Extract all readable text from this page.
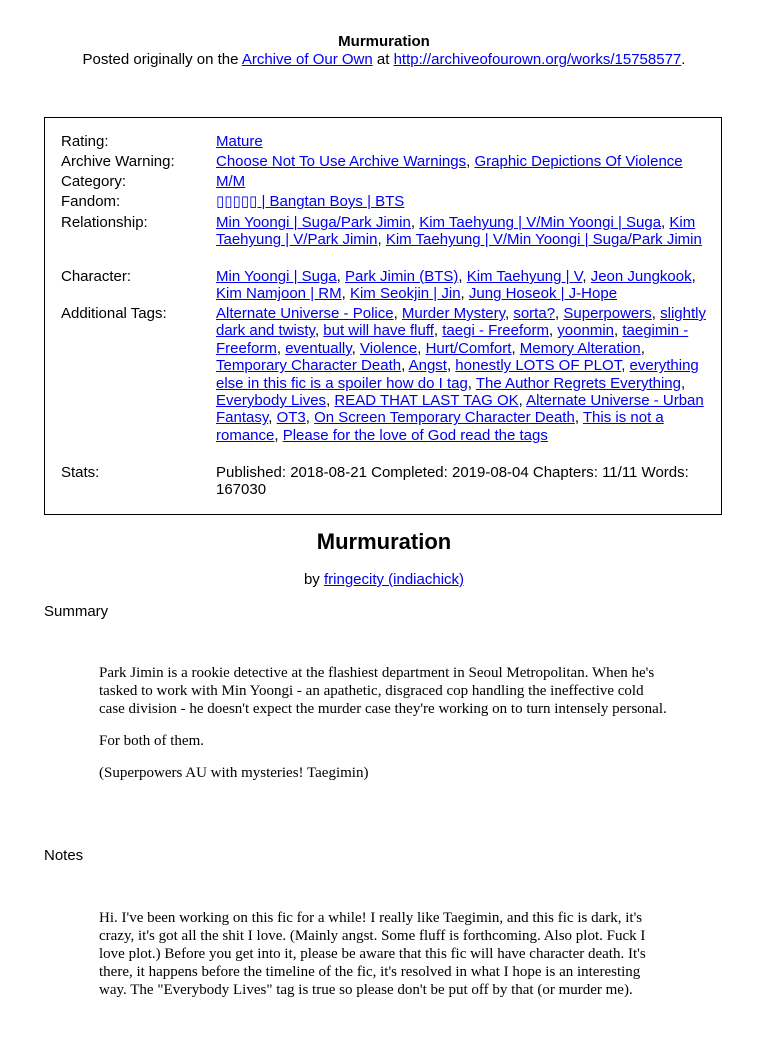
Murmuration
Posted originally on the Archive of Our Own at http://archiveofourown.org/works/15758577.
Rating:	Mature
Archive Warning:	Choose Not To Use Archive Warnings, Graphic Depictions Of Violence
Category:	M/M
Fandom:	▯▯▯▯▯ | Bangtan Boys | BTS
Relationship:	Min Yoongi | Suga/Park Jimin, Kim Taehyung | V/Min Yoongi | Suga, Kim Taehyung | V/Park Jimin, Kim Taehyung | V/Min Yoongi | Suga/Park Jimin
Character:	Min Yoongi | Suga, Park Jimin (BTS), Kim Taehyung | V, Jeon Jungkook, Kim Namjoon | RM, Kim Seokjin | Jin, Jung Hoseok | J-Hope
Additional Tags:	Alternate Universe - Police, Murder Mystery, sorta?, Superpowers, slightly dark and twisty, but will have fluff, taegi - Freeform, yoonmin, taegimin - Freeform, eventually, Violence, Hurt/Comfort, Memory Alteration, Temporary Character Death, Angst, honestly LOTS OF PLOT, everything else in this fic is a spoiler how do I tag, The Author Regrets Everything, Everybody Lives, READ THAT LAST TAG OK, Alternate Universe - Urban Fantasy, OT3, On Screen Temporary Character Death, This is not a romance, Please for the love of God read the tags
Stats:	Published: 2018-08-21 Completed: 2019-08-04 Chapters: 11/11 Words: 167030
Murmuration
by fringecity (indiachick)
Summary

Park Jimin is a rookie detective at the flashiest department in Seoul Metropolitan. When he's tasked to work with Min Yoongi - an apathetic, disgraced cop handling the ineffective cold case division - he doesn't expect the murder case they're working on to turn intensely personal.

For both of them.

(Superpowers AU with mysteries! Taegimin)

Notes

Hi. I've been working on this fic for a while! I really like Taegimin, and this fic is dark, it's crazy, it's got all the shit I love. (Mainly angst. Some fluff is forthcoming. Also plot. Fuck I love plot.) Before you get into it, please be aware that this fic will have character death. It's there, it happens before the timeline of the fic, it's resolved in what I hope is an interesting way. The "Everybody Lives" tag is true so please don't be put off by that (or murder me).
